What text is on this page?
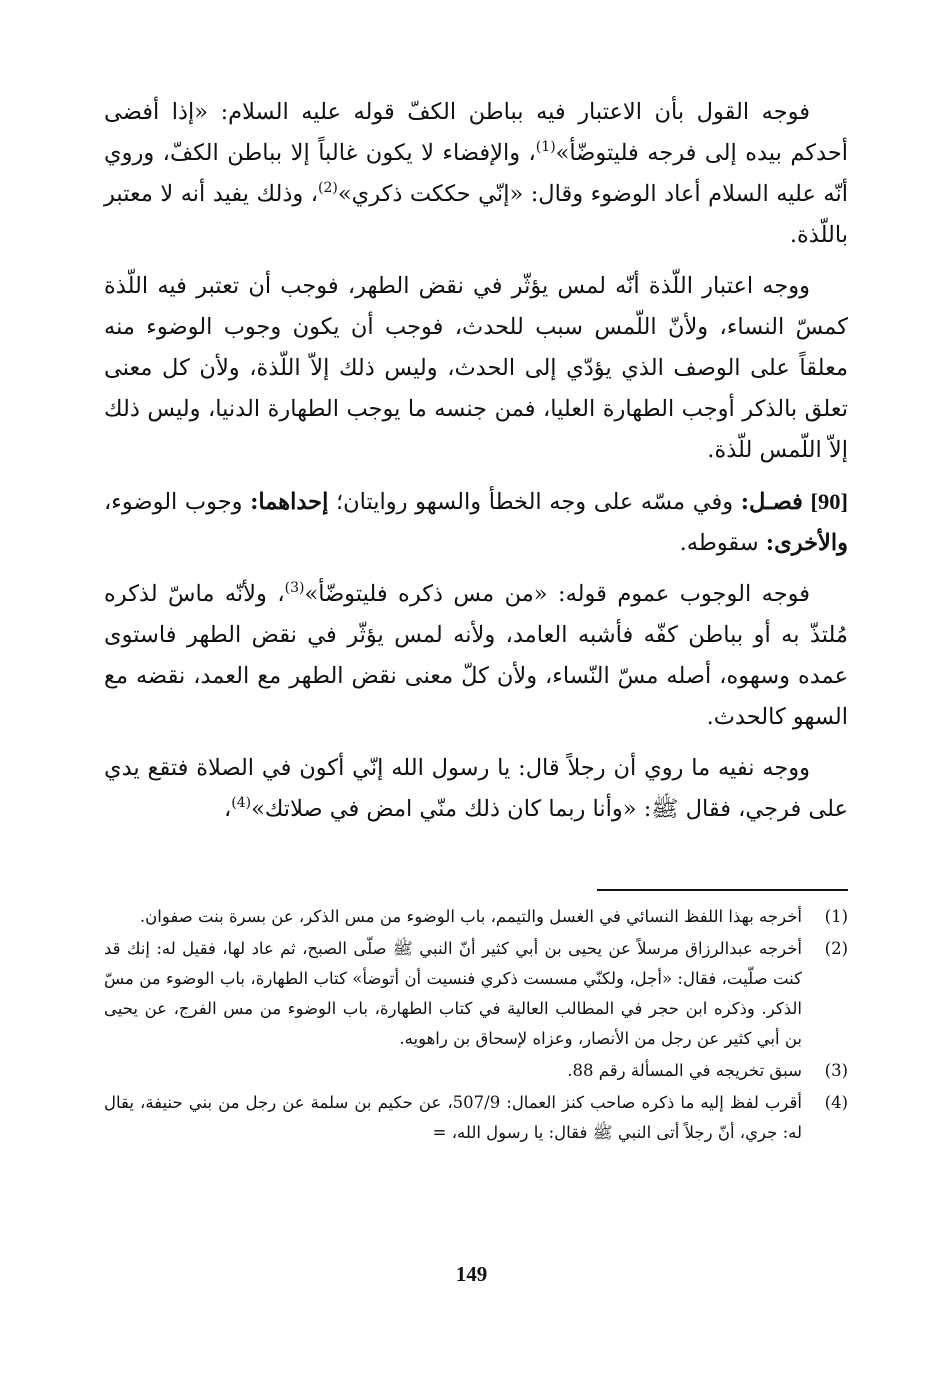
فوجه القول بأن الاعتبار فيه بباطن الكفّ قوله عليه السلام: «إذا أفضى أحدكم بيده إلى فرجه فليتوضّأ»$^{(1)}$، والإفضاء لا يكون غالباً إلا بباطن الكفّ، وروي أنّه عليه السلام أعاد الوضوء وقال: «إنّي حككت ذكري»$^{(2)}$، وذلك يفيد أنه لا معتبر باللّذة.

ووجه اعتبار اللّذة أنّه لمس يؤثّر في نقض الطهر، فوجب أن تعتبر فيه اللّذة كمسّ النساء، ولأنّ اللّمس سبب للحدث، فوجب أن يكون وجوب الوضوء منه معلقاً على الوصف الذي يؤدّي إلى الحدث، وليس ذلك إلاّ اللّذة، ولأن كل معنى تعلق بالذكر أوجب الطهارة العليا، فمن جنسه ما يوجب الطهارة الدنيا، وليس ذلك إلاّ اللّمس للّذة.

[90] فصـل: وفي مسّه على وجه الخطأ والسهو روايتان؛ إحداهما: وجوب الوضوء، والأخرى: سقوطه.

فوجه الوجوب عموم قوله: «من مس ذكره فليتوضّأ»$^{(3)}$، ولأنّه ماسّ لذكره مُلتذّ به أو بباطن كفّه فأشبه العامد، ولأنه لمس يؤثّر في نقض الطهر فاستوى عمده وسهوه، أصله مسّ النّساء، ولأن كلّ معنى نقض الطهر مع العمد، نقضه مع السهو كالحدث.

ووجه نفيه ما روي أن رجلاً قال: يا رسول الله إنّي أكون في الصلاة فتقع يدي على فرجي، فقال ﷺ: «وأنا ربما كان ذلك منّي امض في صلاتك»$^{(4)}$،

(1)
أخرجه بهذا اللفظ النسائي في الغسل والتيمم، باب الوضوء من مس الذكر، عن بسرة بنت صفوان.
(2)
أخرجه عبدالرزاق مرسلاً عن يحيى بن أبي كثير أنّ النبي ﷺ صلّى الصبح، ثم عاد لها، فقيل له: إنك قد كنت صلّيت، فقال: «أجل، ولكنّي مسست ذكري فنسيت أن أتوضأ» كتاب الطهارة، باب الوضوء من مسّ الذكر. وذكره ابن حجر في المطالب العالية في كتاب الطهارة، باب الوضوء من مس الفرج، عن يحيى بن أبي كثير عن رجل من الأنصار، وعزاه لإسحاق بن راهويه.
(3)
سبق تخريجه في المسألة رقم 88.
(4)
أقرب لفظ إليه ما ذكره صاحب كنز العمال: 507/9، عن حكيم بن سلمة عن رجل من بني حنيفة، يقال له: جري، أنّ رجلاً أتى النبي ﷺ فقال: يا رسول الله، =
149
